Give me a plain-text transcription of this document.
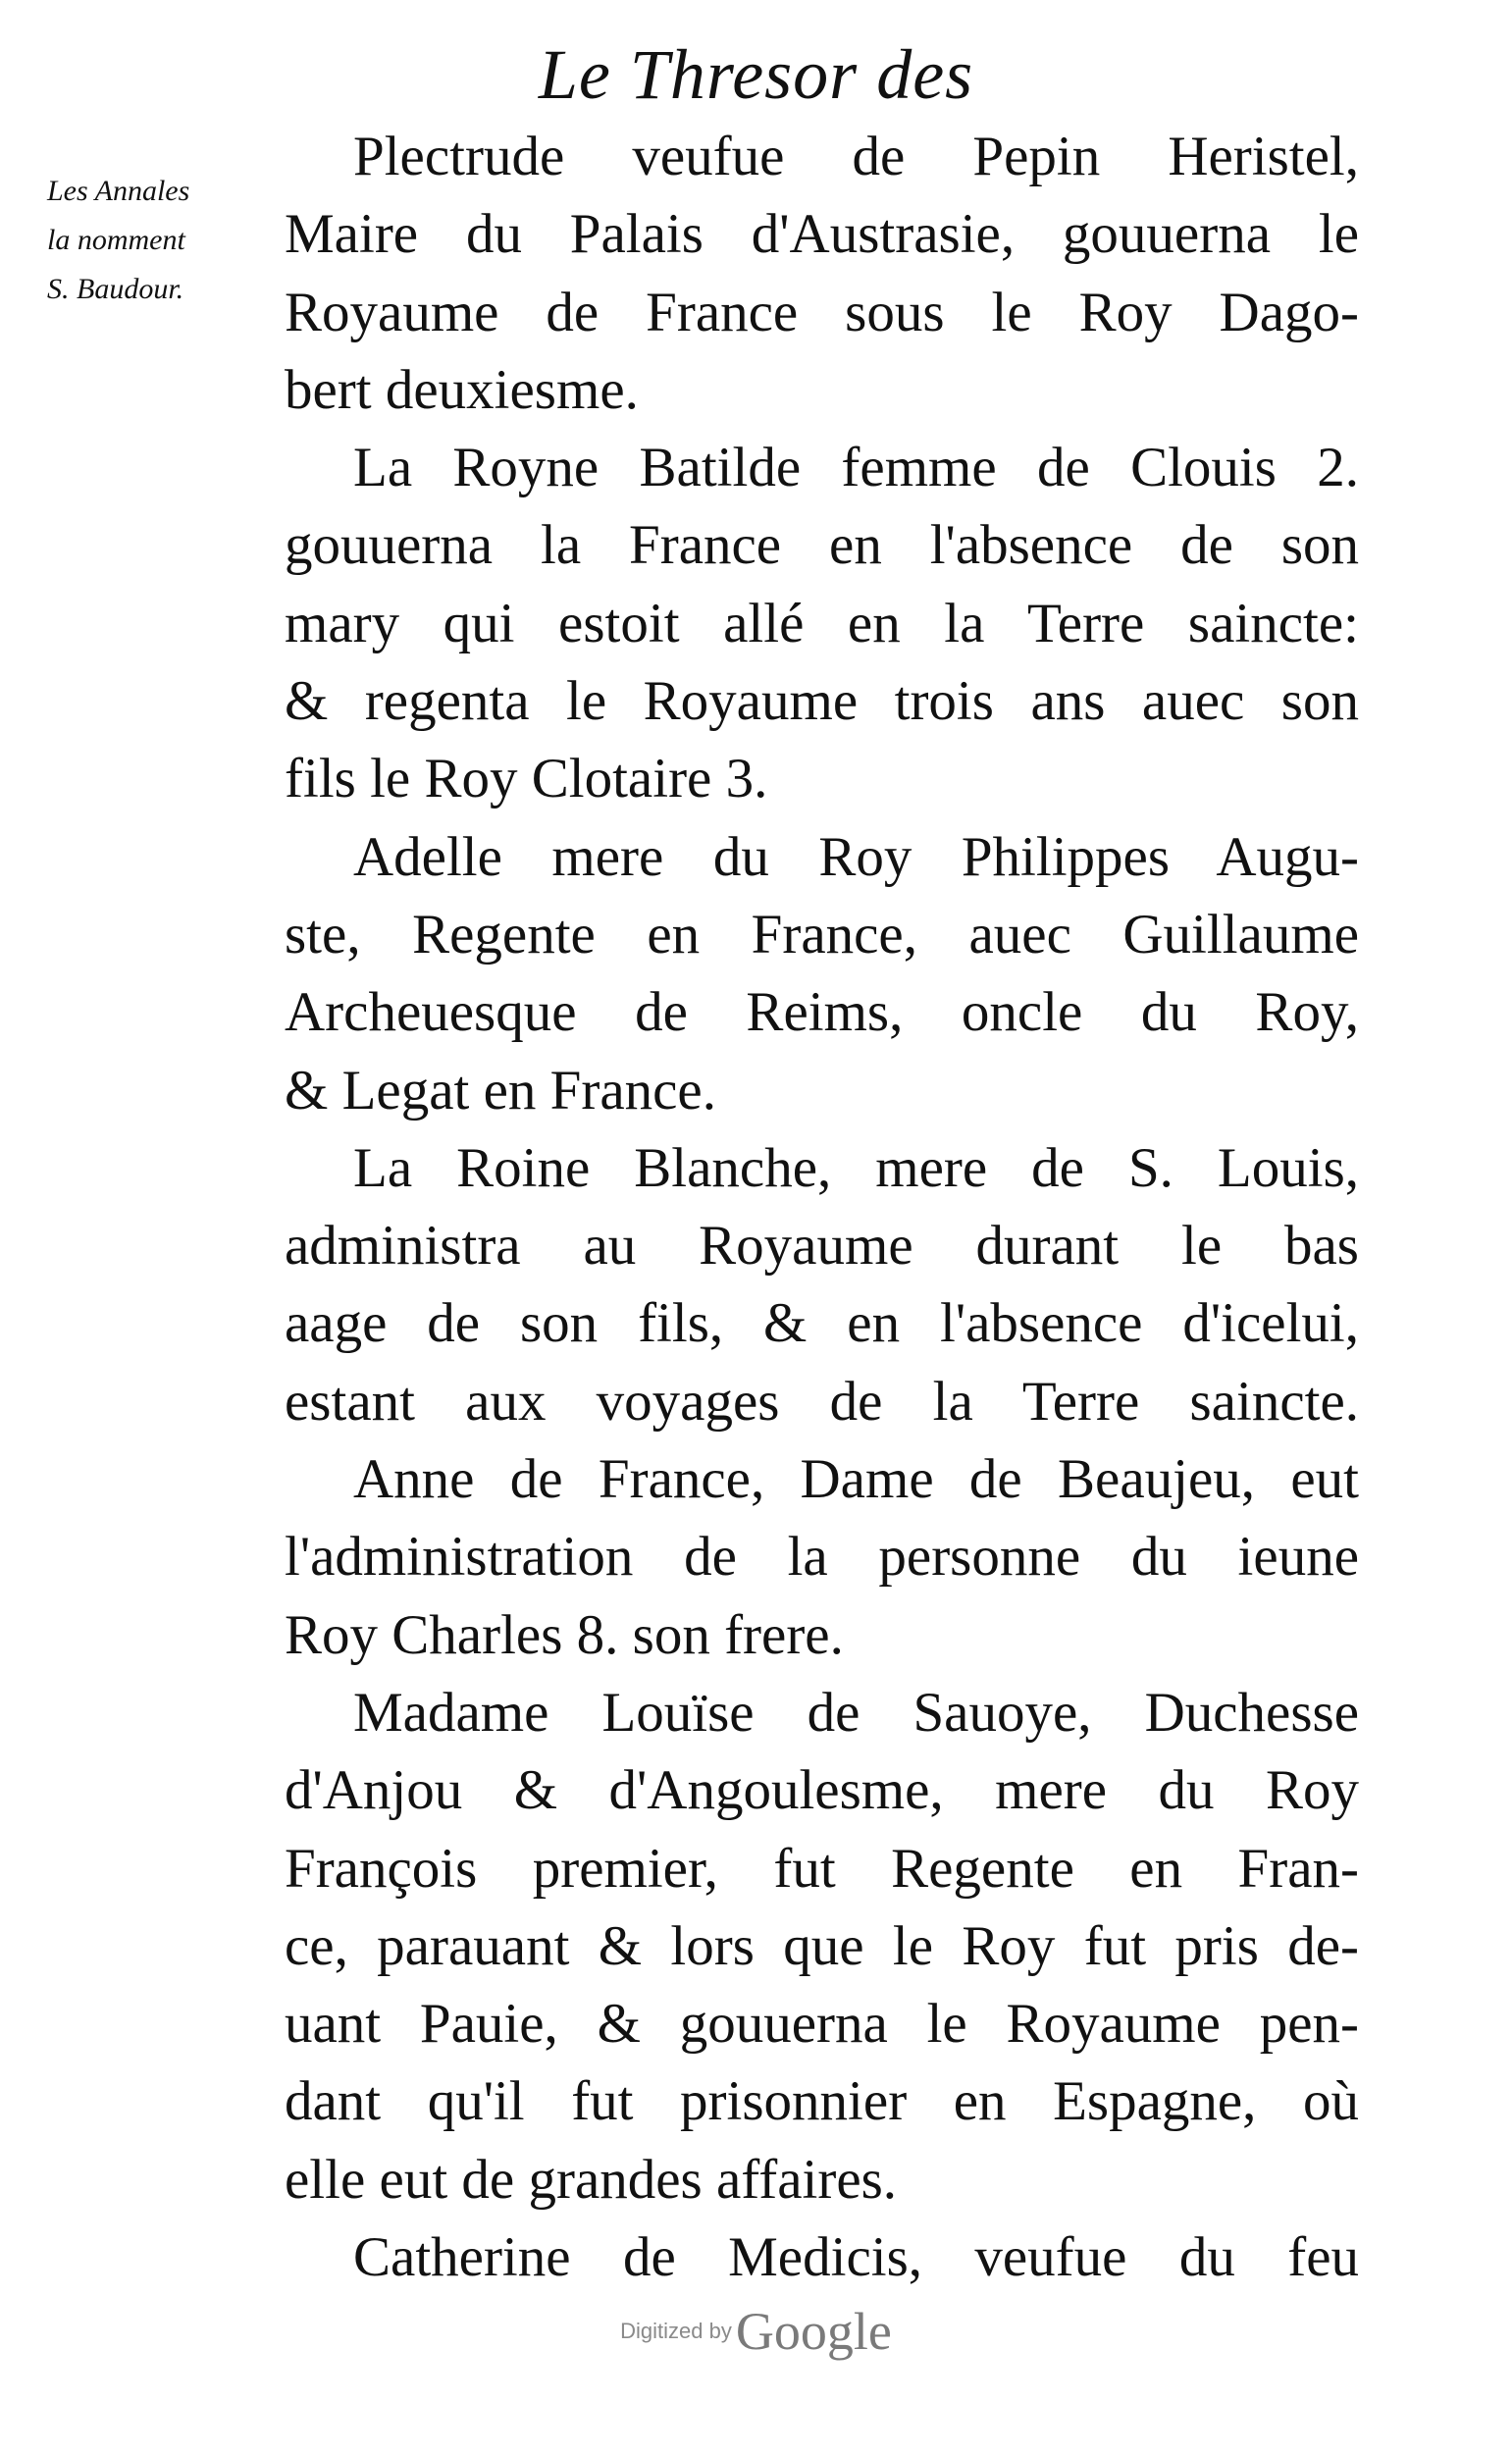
Le Thresor des
Les Annales
la nomment
S. Baudour.
Plectrude veufue de Pepin Heristel,
Maire du Palais d'Austrasie, gouuerna le
Royaume de France sous le Roy Dago-
bert deuxiesme.
La Royne Batilde femme de Clouis 2.
gouuerna la France en l'absence de son
mary qui estoit allé en la Terre saincte:
& regenta le Royaume trois ans auec son
fils le Roy Clotaire 3.
Adelle mere du Roy Philippes Augu-
ste, Regente en France, auec Guillaume
Archeuesque de Reims, oncle du Roy,
& Legat en France.
La Roine Blanche, mere de S. Louis,
administra au Royaume durant le bas
aage de son fils, & en l'absence d'icelui,
estant aux voyages de la Terre saincte.
Anne de France, Dame de Beaujeu, eut
l'administration de la personne du ieune
Roy Charles 8. son frere.
Madame Louïse de Sauoye, Duchesse
d'Anjou & d'Angoulesme, mere du Roy
François premier, fut Regente en Fran-
ce, parauant & lors que le Roy fut pris de-
uant Pauie, & gouuerna le Royaume pen-
dant qu'il fut prisonnier en Espagne, où
elle eut de grandes affaires.
Catherine de Medicis, veufue du feu
Digitized by Google
